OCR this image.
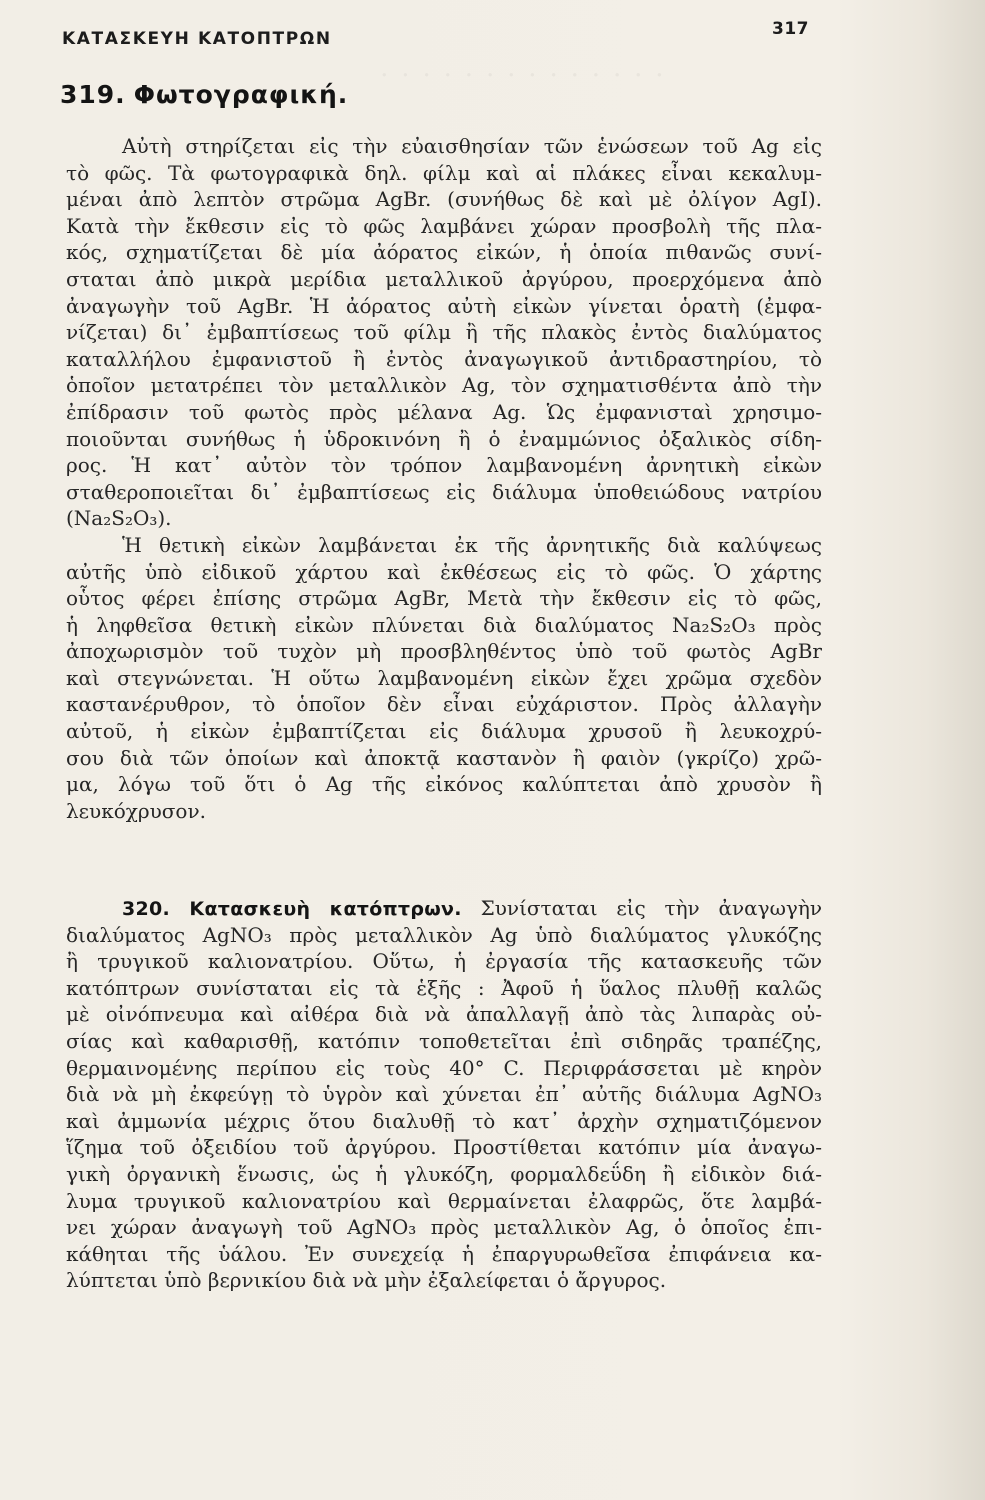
ΚΑΤΑΣΚΕΥΗ ΚΑΤΟΠΤΡΩΝ	317
319. Φωτογραφική.
Αὐτὴ στηρίζεται εἰς τὴν εὐαισθησίαν τῶν ἑνώσεων τοῦ Ag εἰς
τὸ φῶς. Τὰ φωτογραφικὰ δηλ. φίλμ καὶ αἱ πλάκες εἶναι κεκαλυμ-
μέναι ἀπὸ λεπτὸν στρῶμα AgBr. (συνήθως δὲ καὶ μὲ ὀλίγον AgI).
Κατὰ τὴν ἔκθεσιν εἰς τὸ φῶς λαμβάνει χώραν προσβολὴ τῆς πλα-
κός, σχηματίζεται δὲ μία ἀόρατος εἰκών, ἡ ὁποία πιθανῶς συνί-
σταται ἀπὸ μικρὰ μερίδια μεταλλικοῦ ἀργύρου, προερχόμενα ἀπὸ
ἀναγωγὴν τοῦ AgBr. Ἡ ἀόρατος αὐτὴ εἰκὼν γίνεται ὁρατὴ (ἐμφα-
νίζεται) δι᾿ ἐμβαπτίσεως τοῦ φίλμ ἢ τῆς πλακὸς ἐντὸς διαλύματος
καταλλήλου ἐμφανιστοῦ ἢ ἐντὸς ἀναγωγικοῦ ἀντιδραστηρίου, τὸ
ὁποῖον μετατρέπει τὸν μεταλλικὸν Ag, τὸν σχηματισθέντα ἀπὸ τὴν
ἐπίδρασιν τοῦ φωτὸς πρὸς μέλανα Ag. Ὡς ἐμφανισταὶ χρησιμο-
ποιοῦνται συνήθως ἡ ὑδροκινόνη ἢ ὁ ἐναμμώνιος ὀξαλικὸς σίδη-
ρος. Ἡ κατ᾿ αὐτὸν τὸν τρόπον λαμβανομένη ἀρνητικὴ εἰκὼν
σταθεροποιεῖται δι᾿ ἐμβαπτίσεως εἰς διάλυμα ὑποθειώδους νατρίου
(Na₂S₂O₃).
Ἡ θετικὴ εἰκὼν λαμβάνεται ἐκ τῆς ἀρνητικῆς διὰ καλύψεως
αὐτῆς ὑπὸ εἰδικοῦ χάρτου καὶ ἐκθέσεως εἰς τὸ φῶς. Ὁ χάρτης
οὗτος φέρει ἐπίσης στρῶμα AgBr, Μετὰ τὴν ἔκθεσιν εἰς τὸ φῶς,
ἡ ληφθεῖσα θετικὴ εἰκὼν πλύνεται διὰ διαλύματος Na₂S₂O₃ πρὸς
ἀποχωρισμὸν τοῦ τυχὸν μὴ προσβληθέντος ὑπὸ τοῦ φωτὸς AgBr
καὶ στεγνώνεται. Ἡ οὕτω λαμβανομένη εἰκὼν ἔχει χρῶμα σχεδὸν
καστανέρυθρον, τὸ ὁποῖον δὲν εἶναι εὐχάριστον. Πρὸς ἀλλαγὴν
αὐτοῦ, ἡ εἰκὼν ἐμβαπτίζεται εἰς διάλυμα χρυσοῦ ἢ λευκοχρύ-
σου διὰ τῶν ὁποίων καὶ ἀποκτᾷ καστανὸν ἢ φαιὸν (γκρίζο) χρῶ-
μα, λόγω τοῦ ὅτι ὁ Ag τῆς εἰκόνος καλύπτεται ἀπὸ χρυσὸν ἢ
λευκόχρυσον.
320. Κατασκευὴ κατόπτρων. Συνίσταται εἰς τὴν ἀναγωγὴν
διαλύματος AgNO₃ πρὸς μεταλλικὸν Ag ὑπὸ διαλύματος γλυκόζης
ἢ τρυγικοῦ καλιονατρίου. Οὕτω, ἡ ἐργασία τῆς κατασκευῆς τῶν
κατόπτρων συνίσταται εἰς τὰ ἑξῆς : Ἀφοῦ ἡ ὕαλος πλυθῇ καλῶς
μὲ οἰνόπνευμα καὶ αἰθέρα διὰ νὰ ἀπαλλαγῇ ἀπὸ τὰς λιπαρὰς οὐ-
σίας καὶ καθαρισθῇ, κατόπιν τοποθετεῖται ἐπὶ σιδηρᾶς τραπέζης,
θερμαινομένης περίπου εἰς τοὺς 40° C. Περιφράσσεται μὲ κηρὸν
διὰ νὰ μὴ ἐκφεύγῃ τὸ ὑγρὸν καὶ χύνεται ἐπ᾿ αὐτῆς διάλυμα AgNO₃
καὶ ἀμμωνία μέχρις ὅτου διαλυθῇ τὸ κατ᾿ ἀρχὴν σχηματιζόμενον
ἵζημα τοῦ ὀξειδίου τοῦ ἀργύρου. Προστίθεται κατόπιν μία ἀναγω-
γικὴ ὀργανικὴ ἕνωσις, ὡς ἡ γλυκόζη, φορμαλδεΰδη ἢ εἰδικὸν διά-
λυμα τρυγικοῦ καλιονατρίου καὶ θερμαίνεται ἐλαφρῶς, ὅτε λαμβά-
νει χώραν ἀναγωγὴ τοῦ AgNO₃ πρὸς μεταλλικὸν Ag, ὁ ὁποῖος ἐπι-
κάθηται τῆς ὑάλου. Ἐν συνεχείᾳ ἡ ἐπαργυρωθεῖσα ἐπιφάνεια κα-
λύπτεται ὑπὸ βερνικίου διὰ νὰ μὴν ἐξαλείφεται ὁ ἄργυρος.
